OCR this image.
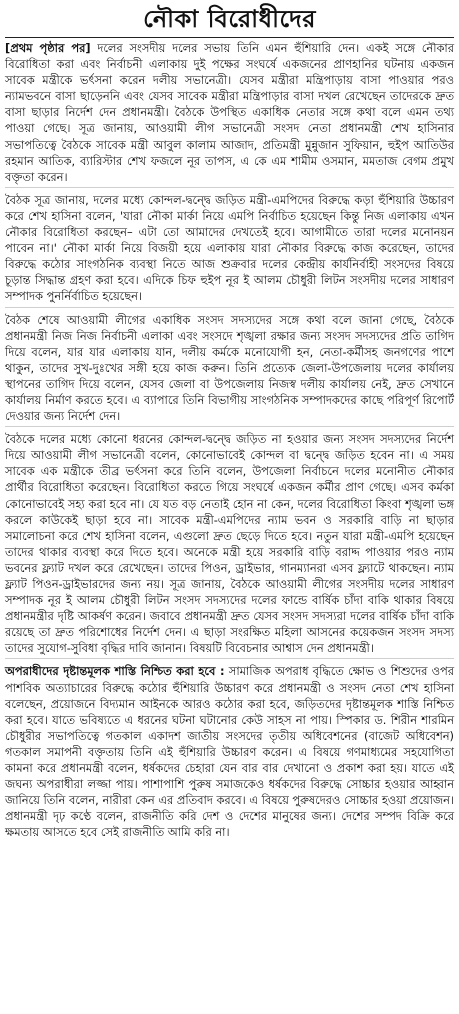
নৌকা বিরোধীদের

[প্রথম পৃষ্ঠার পর] দলের সংসদীয় দলের সভায় তিনি এমন হুঁশিয়ারি দেন। একই সঙ্গে নৌকার বিরোধিতা করা এবং নির্বাচনী এলাকায় দুই পক্ষের সংঘর্ষে একজনের প্রাণহানির ঘটনায় একজন সাবেক মন্ত্রীকে ভর্ৎসনা করেন দলীয় সভানেত্রী। যেসব মন্ত্রীরা মন্ত্রিপাড়ায় বাসা পাওয়ার পরও ন্যামভবনে বাসা ছাড়েননি এবং যেসব সাবেক মন্ত্রীরা মন্ত্রিপাড়ার বাসা দখল রেখেছেন তাদেরকে দ্রুত বাসা ছাড়ার নির্দেশ দেন প্রধানমন্ত্রী। বৈঠকে উপস্থিত একাধিক নেতার সঙ্গে কথা বলে এমন তথ্য পাওয়া গেছে। সূত্র জানায়, আওয়ামী লীগ সভানেত্রী সংসদ নেতা প্রধানমন্ত্রী শেখ হাসিনার সভাপতিত্বে বৈঠকে সাবেক মন্ত্রী আবুল কালাম আজাদ, প্রতিমন্ত্রী মুন্নুজান সুফিয়ান, হুইপ আতিউর রহমান আতিক, ব্যারিস্টার শেখ ফজলে নূর তাপস, এ কে এম শামীম ওসমান, মমতাজ বেগম প্রমুখ বক্তৃতা করেন।

বৈঠক সূত্র জানায়, দলের মধ্যে কোন্দল-দ্বন্দ্বে জড়িত মন্ত্রী-এমপিদের বিরুদ্ধে কড়া হুঁশিয়ারি উচ্চারণ করে শেখ হাসিনা বলেন, 'যারা নৌকা মার্কা নিয়ে এমপি নির্বাচিত হয়েছেন কিন্তু নিজ এলাকায় এখন নৌকার বিরোধিতা করছেন– এটা তো আমাদের দেখতেই হবে। আগামীতে তারা দলের মনোনয়ন পাবেন না।' নৌকা মার্কা নিয়ে বিজয়ী হয়ে এলাকায় যারা নৌকার বিরুদ্ধে কাজ করেছেন, তাদের বিরুদ্ধে কঠোর সাংগঠনিক ব্যবস্থা নিতে আজ শুক্রবার দলের কেন্দ্রীয় কার্যনির্বাহী সংসদের বিষয়ে চূড়ান্ত সিদ্ধান্ত গ্রহণ করা হবে। এদিকে চিফ হুইপ নূর ই আলম চৌধুরী লিটন সংসদীয় দলের সাধারণ সম্পাদক পুনর্নির্বাচিত হয়েছেন।

বৈঠক শেষে আওয়ামী লীগের একাধিক সংসদ সদস্যদের সঙ্গে কথা বলে জানা গেছে, বৈঠকে প্রধানমন্ত্রী নিজ নিজ নির্বাচনী এলাকা এবং সংসদে শৃঙ্খলা রক্ষার জন্য সংসদ সদস্যদের প্রতি তাগিদ দিয়ে বলেন, যার যার এলাকায় যান, দলীয় কর্মকে মনোযোগী হন, নেতা-কর্মীসহ জনগণের পাশে থাকুন, তাদের সুখ-দুঃখের সঙ্গী হয়ে কাজ করুন। তিনি প্রত্যেক জেলা-উপজেলায় দলের কার্যালয় স্থাপনের তাগিদ দিয়ে বলেন, যেসব জেলা বা উপজেলায় নিজস্ব দলীয় কার্যালয় নেই, দ্রুত সেখানে কার্যালয় নির্মাণ করতে হবে। এ ব্যাপারে তিনি বিভাগীয় সাংগঠনিক সম্পাদকদের কাছে পরিপূর্ণ রিপোর্ট দেওয়ার জন্য নির্দেশ দেন।

বৈঠকে দলের মধ্যে কোনো ধরনের কোন্দল-দ্বন্দ্বে জড়িত না হওয়ার জন্য সংসদ সদস্যদের নির্দেশ দিয়ে আওয়ামী লীগ সভানেত্রী বলেন, কোনোভাবেই কোন্দল বা দ্বন্দ্বে জড়িত হবেন না। এ সময় সাবেক এক মন্ত্রীকে তীব্র ভর্ৎসনা করে তিনি বলেন, উপজেলা নির্বাচনে দলের মনোনীত নৌকার প্রার্থীর বিরোধিতা করেছেন। বিরোধিতা করতে গিয়ে সংঘর্ষে একজন কর্মীর প্রাণ গেছে। এসব কর্মকা কোনোভাবেই সহ্য করা হবে না। যে যত বড় নেতাই হোন না কেন, দলের বিরোধিতা কিংবা শৃঙ্খলা ভঙ্গ করলে কাউকেই ছাড়া হবে না। সাবেক মন্ত্রী-এমপিদের ন্যাম ভবন ও সরকারি বাড়ি না ছাড়ার সমালোচনা করে শেখ হাসিনা বলেন, এগুলো দ্রুত ছেড়ে দিতে হবে। নতুন যারা মন্ত্রী-এমপি হয়েছেন তাদের থাকার ব্যবস্থা করে দিতে হবে। অনেকে মন্ত্রী হয়ে সরকারি বাড়ি বরাদ্দ পাওয়ার পরও ন্যাম ভবনের ফ্ল্যাট দখল করে রেখেছেন। তাদের পিওন, ড্রাইভার, গানম্যানরা এসব ফ্ল্যাটে থাকছেন। ন্যাম ফ্ল্যাট পিওন-ড্রাইভারদের জন্য নয়। সূত্র জানায়, বৈঠকে আওয়ামী লীগের সংসদীয় দলের সাধারণ সম্পাদক নূর ই আলম চৌধুরী লিটন সংসদ সদস্যদের দলের ফান্ডে বার্ষিক চাঁদা বাকি থাকার বিষয়ে প্রধানমন্ত্রীর দৃষ্টি আকর্ষণ করেন। জবাবে প্রধানমন্ত্রী দ্রুত যেসব সংসদ সদস্যরা দলের বার্ষিক চাঁদা বাকি রয়েছে তা দ্রুত পরিশোধের নির্দেশ দেন। এ ছাড়া সংরক্ষিত মহিলা আসনের কয়েকজন সংসদ সদস্য তাদের সুযোগ-সুবিধা বৃদ্ধির দাবি জানান। বিষয়টি বিবেচনার আশ্বাস দেন প্রধানমন্ত্রী।

অপরাধীদের দৃষ্টান্তমূলক শাস্তি নিশ্চিত করা হবে : সামাজিক অপরাধ বৃদ্ধিতে ক্ষোভ ও শিশুদের ওপর পাশবিক অত্যাচারের বিরুদ্ধে কঠোর হুঁশিয়ারি উচ্চারণ করে প্রধানমন্ত্রী ও সংসদ নেতা শেখ হাসিনা বলেছেন, প্রয়োজনে বিদ্যমান আইনকে আরও কঠোর করা হবে, জড়িতদের দৃষ্টান্তমূলক শাস্তি নিশ্চিত করা হবে। যাতে ভবিষ্যতে এ ধরনের ঘটনা ঘটানোর কেউ সাহস না পায়। স্পিকার ড. শিরীন শারমিন চৌধুরীর সভাপতিত্বে গতকাল একাদশ জাতীয় সংসদের তৃতীয় অধিবেশনের (বাজেট অধিবেশন) গতকাল সমাপনী বক্তৃতায় তিনি এই হুঁশিয়ারি উচ্চারণ করেন। এ বিষয়ে গণমাধ্যমের সহযোগিতা কামনা করে প্রধানমন্ত্রী বলেন, ধর্ষকদের চেহারা যেন বার বার দেখানো ও প্রকাশ করা হয়। যাতে এই জঘন্য অপরাধীরা লজ্জা পায়। পাশাপাশি পুরুষ সমাজকেও ধর্ষকদের বিরুদ্ধে সোচ্চার হওয়ার আহ্বান জানিয়ে তিনি বলেন, নারীরা কেন এর প্রতিবাদ করবে। এ বিষয়ে পুরুষদেরও সোচ্চার হওয়া প্রয়োজন। প্রধানমন্ত্রী দৃঢ় কণ্ঠে বলেন, রাজনীতি করি দেশ ও দেশের মানুষের জন্য। দেশের সম্পদ বিক্রি করে ক্ষমতায় আসতে হবে সেই রাজনীতি আমি করি না।
